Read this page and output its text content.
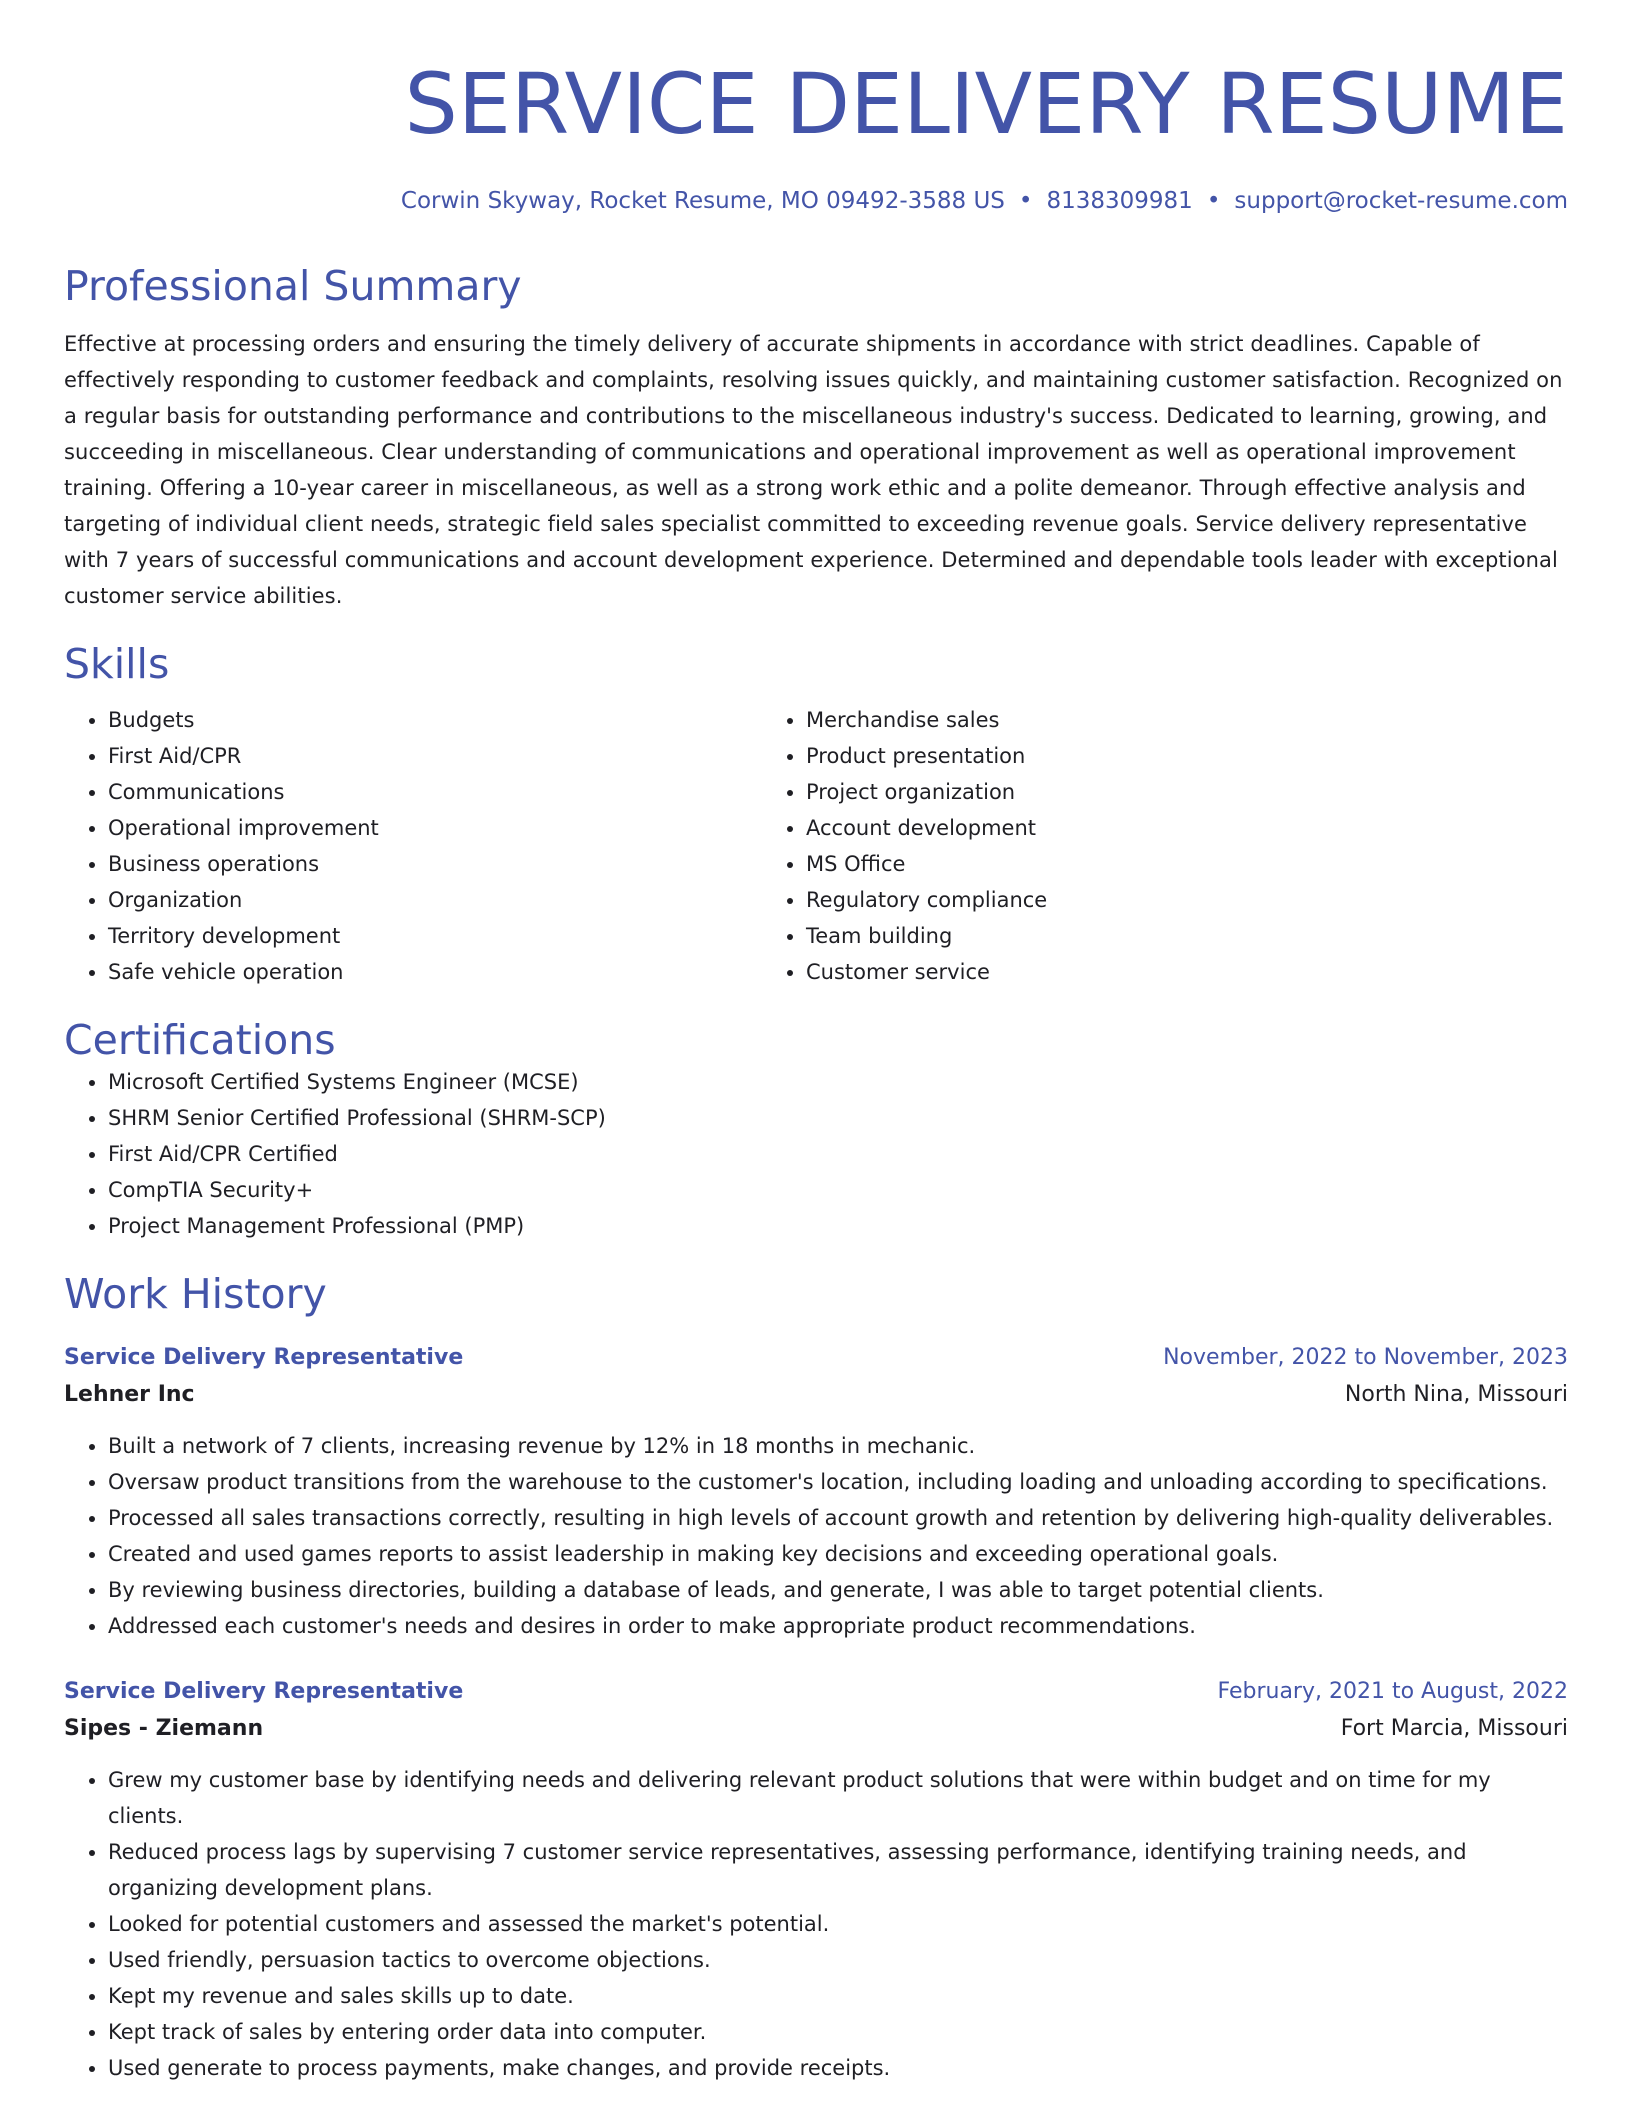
SERVICE DELIVERY RESUME
Corwin Skyway, Rocket Resume, MO 09492-3588 US • 8138309981 • support@rocket-resume.com
Professional Summary

Effective at processing orders and ensuring the timely delivery of accurate shipments in accordance with strict deadlines. Capable of effectively responding to customer feedback and complaints, resolving issues quickly, and maintaining customer satisfaction. Recognized on a regular basis for outstanding performance and contributions to the miscellaneous industry's success. Dedicated to learning, growing, and succeeding in miscellaneous. Clear understanding of communications and operational improvement as well as operational improvement training. Offering a 10-year career in miscellaneous, as well as a strong work ethic and a polite demeanor. Through effective analysis and targeting of individual client needs, strategic field sales specialist committed to exceeding revenue goals. Service delivery representative with 7 years of successful communications and account development experience. Determined and dependable tools leader with exceptional customer service abilities.

Skills
• Budgets
• First Aid/CPR
• Communications
• Operational improvement
• Business operations
• Organization
• Territory development
• Safe vehicle operation
• Merchandise sales
• Product presentation
• Project organization
• Account development
• MS Office
• Regulatory compliance
• Team building
• Customer service
Certifications
• Microsoft Certified Systems Engineer (MCSE)
• SHRM Senior Certified Professional (SHRM-SCP)
• First Aid/CPR Certified
• CompTIA Security+
• Project Management Professional (PMP)
Work History
Service Delivery Representative	November, 2022 to November, 2023
Lehner Inc	North Nina, Missouri
• Built a network of 7 clients, increasing revenue by 12% in 18 months in mechanic.
• Oversaw product transitions from the warehouse to the customer's location, including loading and unloading according to specifications.
• Processed all sales transactions correctly, resulting in high levels of account growth and retention by delivering high-quality deliverables.
• Created and used games reports to assist leadership in making key decisions and exceeding operational goals.
• By reviewing business directories, building a database of leads, and generate, I was able to target potential clients.
• Addressed each customer's needs and desires in order to make appropriate product recommendations.
Service Delivery Representative	February, 2021 to August, 2022
Sipes - Ziemann	Fort Marcia, Missouri
• Grew my customer base by identifying needs and delivering relevant product solutions that were within budget and on time for my clients.
• Reduced process lags by supervising 7 customer service representatives, assessing performance, identifying training needs, and organizing development plans.
• Looked for potential customers and assessed the market's potential.
• Used friendly, persuasion tactics to overcome objections.
• Kept my revenue and sales skills up to date.
• Kept track of sales by entering order data into computer.
• Used generate to process payments, make changes, and provide receipts.
